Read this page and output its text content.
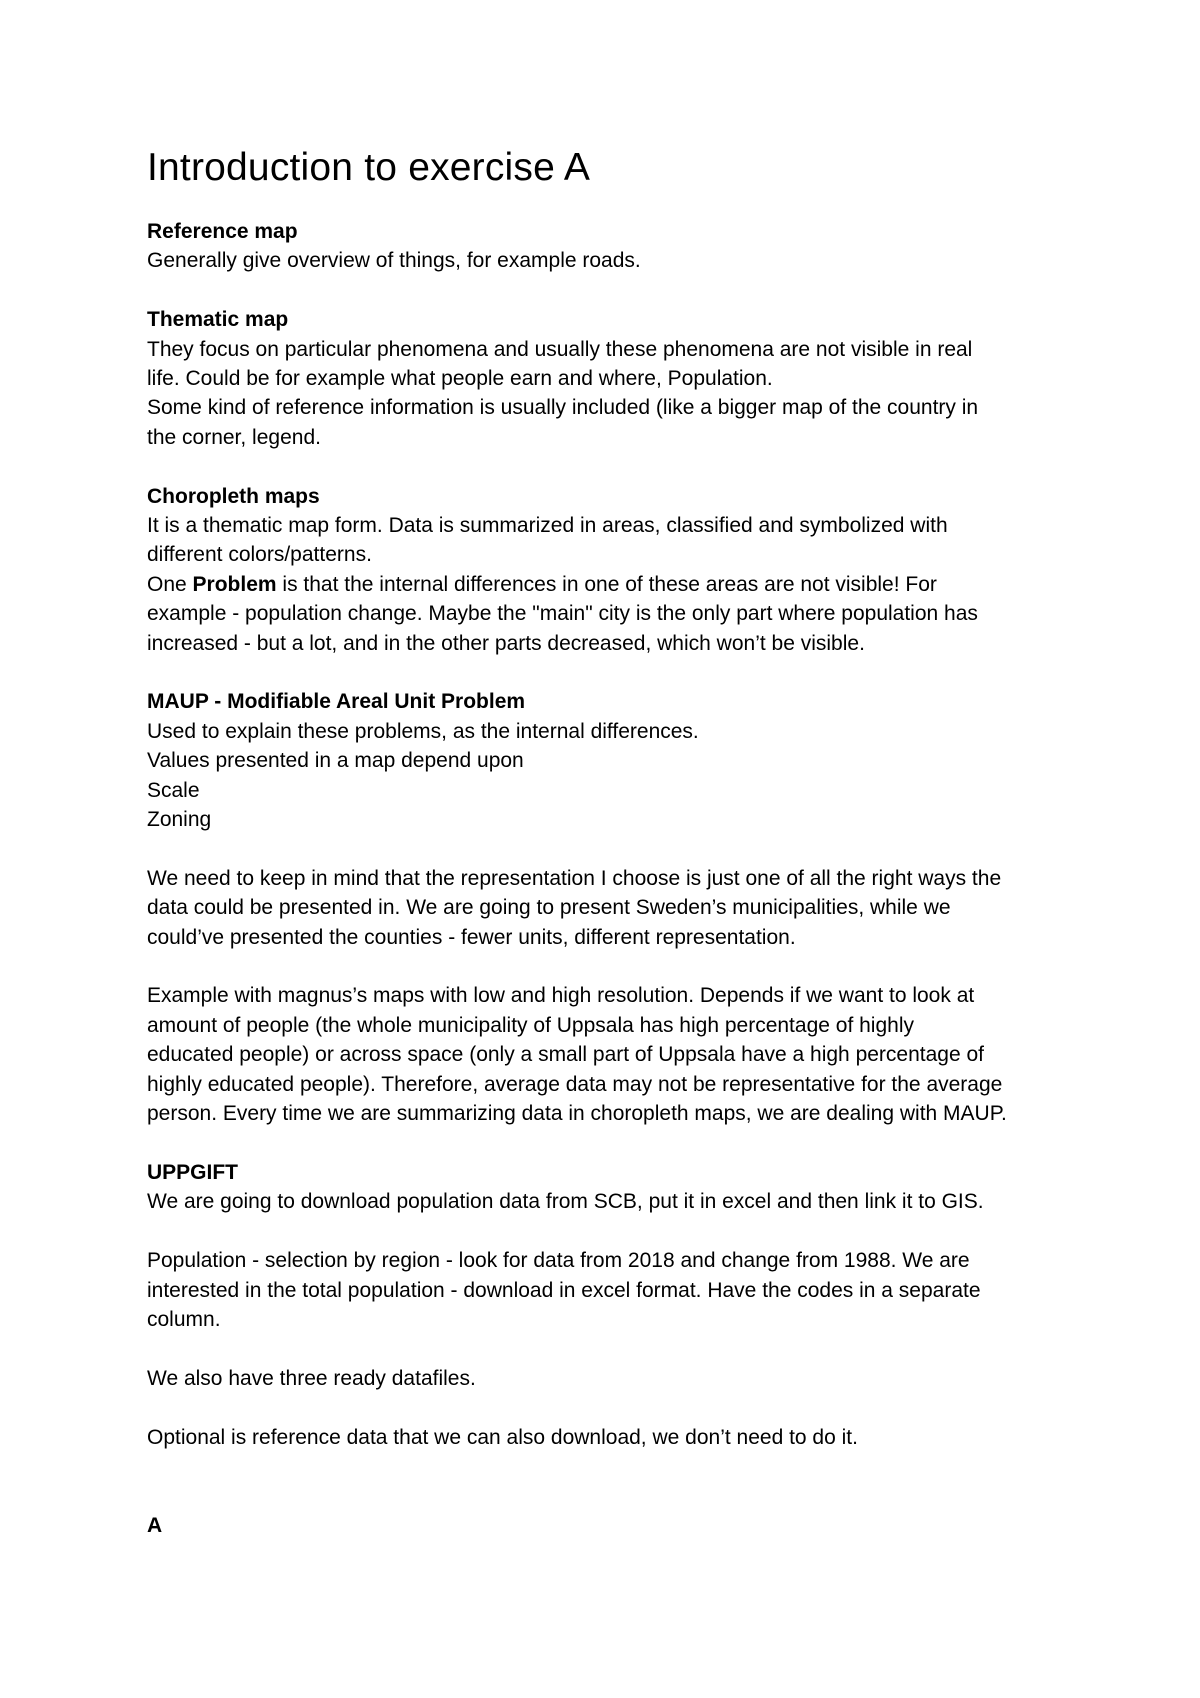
Introduction to exercise A

Reference map

Generally give overview of things, for example roads.

Thematic map

They focus on particular phenomena and usually these phenomena are not visible in real

life. Could be for example what people earn and where, Population.

Some kind of reference information is usually included (like a bigger map of the country in

the corner, legend.

Choropleth maps

It is a thematic map form. Data is summarized in areas, classified and symbolized with

different colors/patterns.

One Problem is that the internal differences in one of these areas are not visible! For

example - population change. Maybe the "main" city is the only part where population has

increased - but a lot, and in the other parts decreased, which won’t be visible.

MAUP - Modifiable Areal Unit Problem

Used to explain these problems, as the internal differences.

Values presented in a map depend upon

Scale

Zoning

We need to keep in mind that the representation I choose is just one of all the right ways the

data could be presented in. We are going to present Sweden’s municipalities, while we

could’ve presented the counties - fewer units, different representation.

Example with magnus’s maps with low and high resolution. Depends if we want to look at

amount of people (the whole municipality of Uppsala has high percentage of highly

educated people) or across space (only a small part of Uppsala have a high percentage of

highly educated people). Therefore, average data may not be representative for the average

person. Every time we are summarizing data in choropleth maps, we are dealing with MAUP.

UPPGIFT

We are going to download population data from SCB, put it in excel and then link it to GIS.

Population - selection by region - look for data from 2018 and change from 1988. We are

interested in the total population - download in excel format. Have the codes in a separate

column.

We also have three ready datafiles.

Optional is reference data that we can also download, we don’t need to do it.

A
